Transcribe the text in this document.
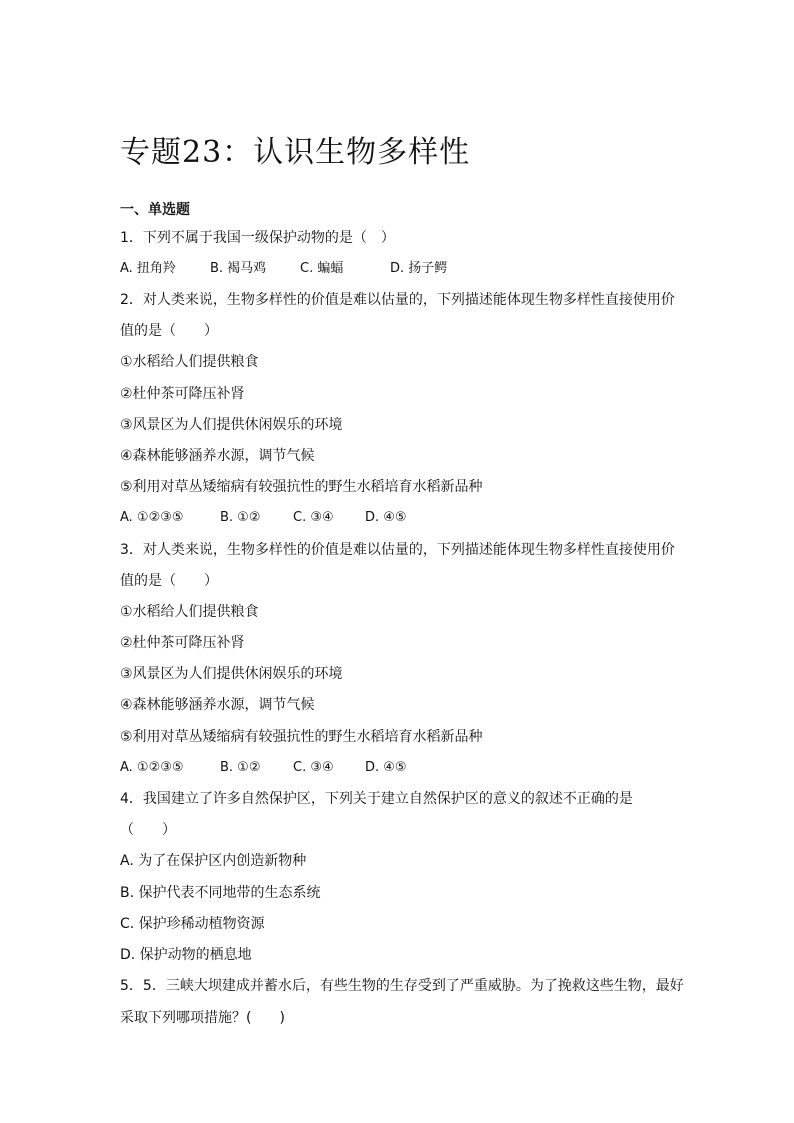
专题23：认识生物多样性
一、单选题
1．下列不属于我国一级保护动物的是（　）
A. 扭角羚	B. 褐马鸡	C. 蝙蝠	D. 扬子鳄
2．对人类来说，生物多样性的价值是难以估量的，下列描述能体现生物多样性直接使用价
值的是（　　）
①水稻给人们提供粮食
②杜仲茶可降压补肾
③风景区为人们提供休闲娱乐的环境
④森林能够涵养水源，调节气候
⑤利用对草丛矮缩病有较强抗性的野生水稻培育水稻新品种
A. ①②③⑤	B. ①②	C. ③④ D. ④⑤
3．对人类来说，生物多样性的价值是难以估量的，下列描述能体现生物多样性直接使用价
值的是（　　）
①水稻给人们提供粮食
②杜仲茶可降压补肾
③风景区为人们提供休闲娱乐的环境
④森林能够涵养水源，调节气候
⑤利用对草丛矮缩病有较强抗性的野生水稻培育水稻新品种
A. ①②③⑤	B. ①②	C. ③④ D. ④⑤
4．我国建立了许多自然保护区，下列关于建立自然保护区的意义的叙述不正确的是
（　　）
A. 为了在保护区内创造新物种
B. 保护代表不同地带的生态系统
C. 保护珍稀动植物资源
D. 保护动物的栖息地
5．5．三峡大坝建成并蓄水后，有些生物的生存受到了严重威胁。为了挽救这些生物，最好
采取下列哪项措施？(　　)
